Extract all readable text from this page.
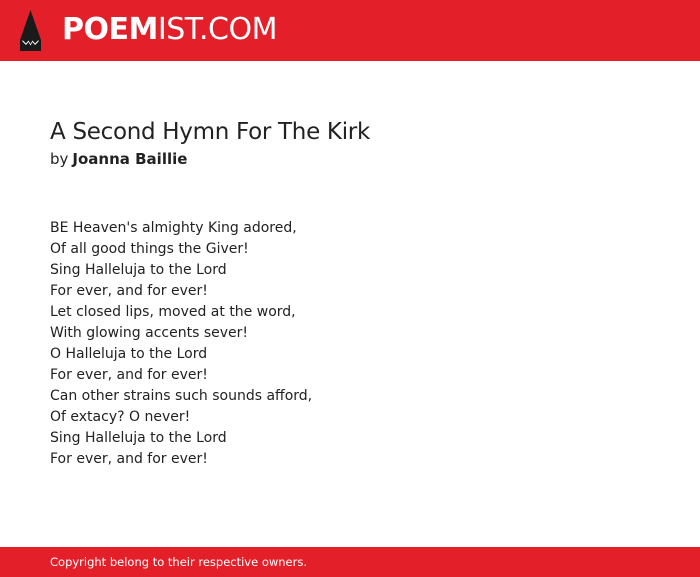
POEMIST.COM
A Second Hymn For The Kirk
by Joanna Baillie
BE Heaven's almighty King adored,
Of all good things the Giver!
Sing Halleluja to the Lord
For ever, and for ever!
Let closed lips, moved at the word,
With glowing accents sever!
O Halleluja to the Lord
For ever, and for ever!
Can other strains such sounds afford,
Of extacy? O never!
Sing Halleluja to the Lord
For ever, and for ever!
Copyright belong to their respective owners.
